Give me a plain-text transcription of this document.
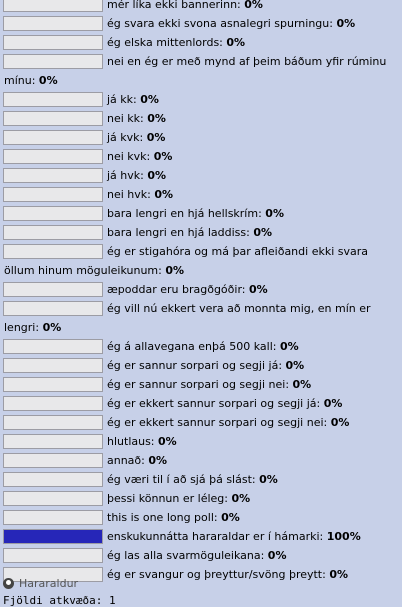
mér líka ekki bannerinn: 0%
ég svara ekki svona asnalegri spurningu: 0%
ég elska mittenlords: 0%
nei en ég er með mynd af þeim báðum yfir rúminu mínu: 0%
já kk: 0%
nei kk: 0%
já kvk: 0%
nei kvk: 0%
já hvk: 0%
nei hvk: 0%
bara lengri en hjá hellskrím: 0%
bara lengri en hjá laddiss: 0%
ég er stigahóra og má þar afleiðandi ekki svara öllum hinum möguleikunum: 0%
æpoddar eru bragðgóðir: 0%
ég vill nú ekkert vera að monnta mig, en mín er lengri: 0%
ég á allavegana enþá 500 kall: 0%
ég er sannur sorpari og segji já: 0%
ég er sannur sorpari og segji nei: 0%
ég er ekkert sannur sorpari og segji já: 0%
ég er ekkert sannur sorpari og segji nei: 0%
hlutlaus: 0%
annað: 0%
ég væri til í að sjá þá slást: 0%
þessi könnun er léleg: 0%
this is one long poll: 0%
enskukunnátta hararaldar er í hámarki: 100%
ég las alla svarmöguleikana: 0%
ég er svangur og þreyttur/svöng þreytt: 0%
Hararaldur
Fjöldi atkvæða: 1
